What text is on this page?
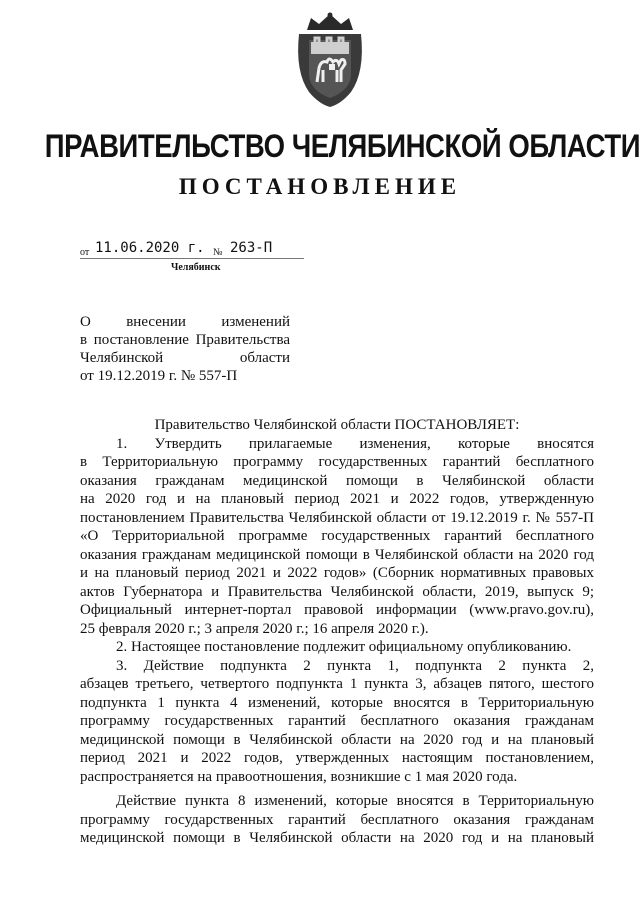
ПРАВИТЕЛЬСТВО ЧЕЛЯБИНСКОЙ ОБЛАСТИ
ПОСТАНОВЛЕНИЕ
от 11.06.2020 г. № 263-П
Челябинск
О внесении изменений
в постановление Правительства
Челябинской области
от 19.12.2019 г. № 557-П

Правительство Челябинской области ПОСТАНОВЛЯЕТ:

1. Утвердить прилагаемые изменения, которые вносятся
в Территориальную программу государственных гарантий бесплатного
оказания гражданам медицинской помощи в Челябинской области
на 2020 год и на плановый период 2021 и 2022 годов, утвержденную
постановлением Правительства Челябинской области от 19.12.2019 г. № 557-П
«О Территориальной программе государственных гарантий бесплатного
оказания гражданам медицинской помощи в Челябинской области на 2020 год
и на плановый период 2021 и 2022 годов» (Сборник нормативных правовых
актов Губернатора и Правительства Челябинской области, 2019, выпуск 9;
Официальный интернет-портал правовой информации (www.pravo.gov.ru),
25 февраля 2020 г.; 3 апреля 2020 г.; 16 апреля 2020 г.).

2. Настоящее постановление подлежит официальному опубликованию.

3. Действие подпункта 2 пункта 1, подпункта 2 пункта 2,
абзацев третьего, четвертого подпункта 1 пункта 3, абзацев пятого, шестого
подпункта 1 пункта 4 изменений, которые вносятся в Территориальную
программу государственных гарантий бесплатного оказания гражданам
медицинской помощи в Челябинской области на 2020 год и на плановый
период 2021 и 2022 годов, утвержденных настоящим постановлением,
распространяется на правоотношения, возникшие с 1 мая 2020 года.
Действие пункта 8 изменений, которые вносятся в Территориальную
программу государственных гарантий бесплатного оказания гражданам
медицинской помощи в Челябинской области на 2020 год и на плановый
